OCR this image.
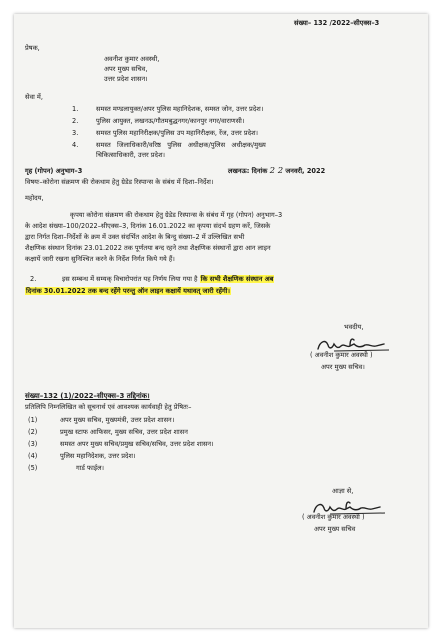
संख्या– 132 /2022–सीएक्स–3
प्रेषक,
अवनीश कुमार अवस्थी,
अपर मुख्य सचिव,
उत्तर प्रदेश शासन।
सेवा में,
1.	समस्त मण्डलायुक्त/अपर पुलिस महानिदेशक, समस्त जोन, उत्तर प्रदेश।
2.	पुलिस आयुक्त, लखनऊ/गौतमबुद्धनगर/कानपुर नगर/वाराणसी।
3.	समस्त पुलिस महानिरीक्षक/पुलिस उप महानिरीक्षक, रेंज, उत्तर प्रदेश।
4.	समस्त   जिलाधिकारी/वरिष्ठ   पुलिस   अधीक्षक/पुलिस   अधीक्षक/मुख्य
चिकित्साधिकारी, उत्तर प्रदेश।
गृह (गोपन) अनुभाग–3	लखनऊ: दिनांक 2 2 जनवरी, 2022
विषयः–कोरोना संक्रमण की रोकथाम हेतु ग्रेडेड रिस्पान्स के संबंध में दिशा–निर्देश।
महोदय,
कृपया कोरोना संक्रमण की रोकथाम हेतु ग्रेडेड रिस्पान्स के संबंध में गृह (गोपन) अनुभाग–3
के आदेश संख्या–100/2022–सीएक्स–3, दिनांक 16.01.2022 का कृपया संदर्भ ग्रहण करें, जिसके
द्वारा निर्गत दिशा–निर्देशों के क्रम में उक्त संदर्भित आदेश के बिन्दु संख्या–2 में उल्लिखित सभी
शैक्षणिक संस्थान दिनांक 23.01.2022 तक पूर्णतया बन्द रहने तथा शैक्षणिक संस्थानों द्वारा आन लाइन
कक्षायें जारी रखना सुनिश्चित करने के निर्देश निर्गत किये गये हैं।
2.	इस सम्बन्ध में सम्यक् विचारोपरांत यह निर्णय लिया गया है कि सभी शैक्षणिक संस्थान अब
दिनांक 30.01.2022 तक बन्द रहेंगे परन्तु ऑन लाइन कक्षायें यथावत् जारी रहेंगी।
भवदीय,
( अवनीश कुमार अवस्थी )
अपर मुख्य सचिव।
संख्या–132 (1)/2022–सीएक्स–3 तद्दिनांक।
प्रतिलिपि निम्नलिखित को सूचनार्थ एवं आवश्यक कार्यवाही हेतु प्रेषितः–
(1)	अपर मुख्य सचिव, मुख्यमंत्री, उत्तर प्रदेश शासन।
(2)	प्रमुख स्टाफ आफिसर, मुख्य सचिव, उत्तर प्रदेश शासन
(3)	समस्त अपर मुख्य सचिव/प्रमुख सचिव/सचिव, उत्तर प्रदेश शासन।
(4)	पुलिस महानिदेशक, उत्तर प्रदेश।
(5)	गार्ड फाईल।
आज्ञा से,
( अवनीश कुमार अवस्थी )
अपर मुख्य सचिव
